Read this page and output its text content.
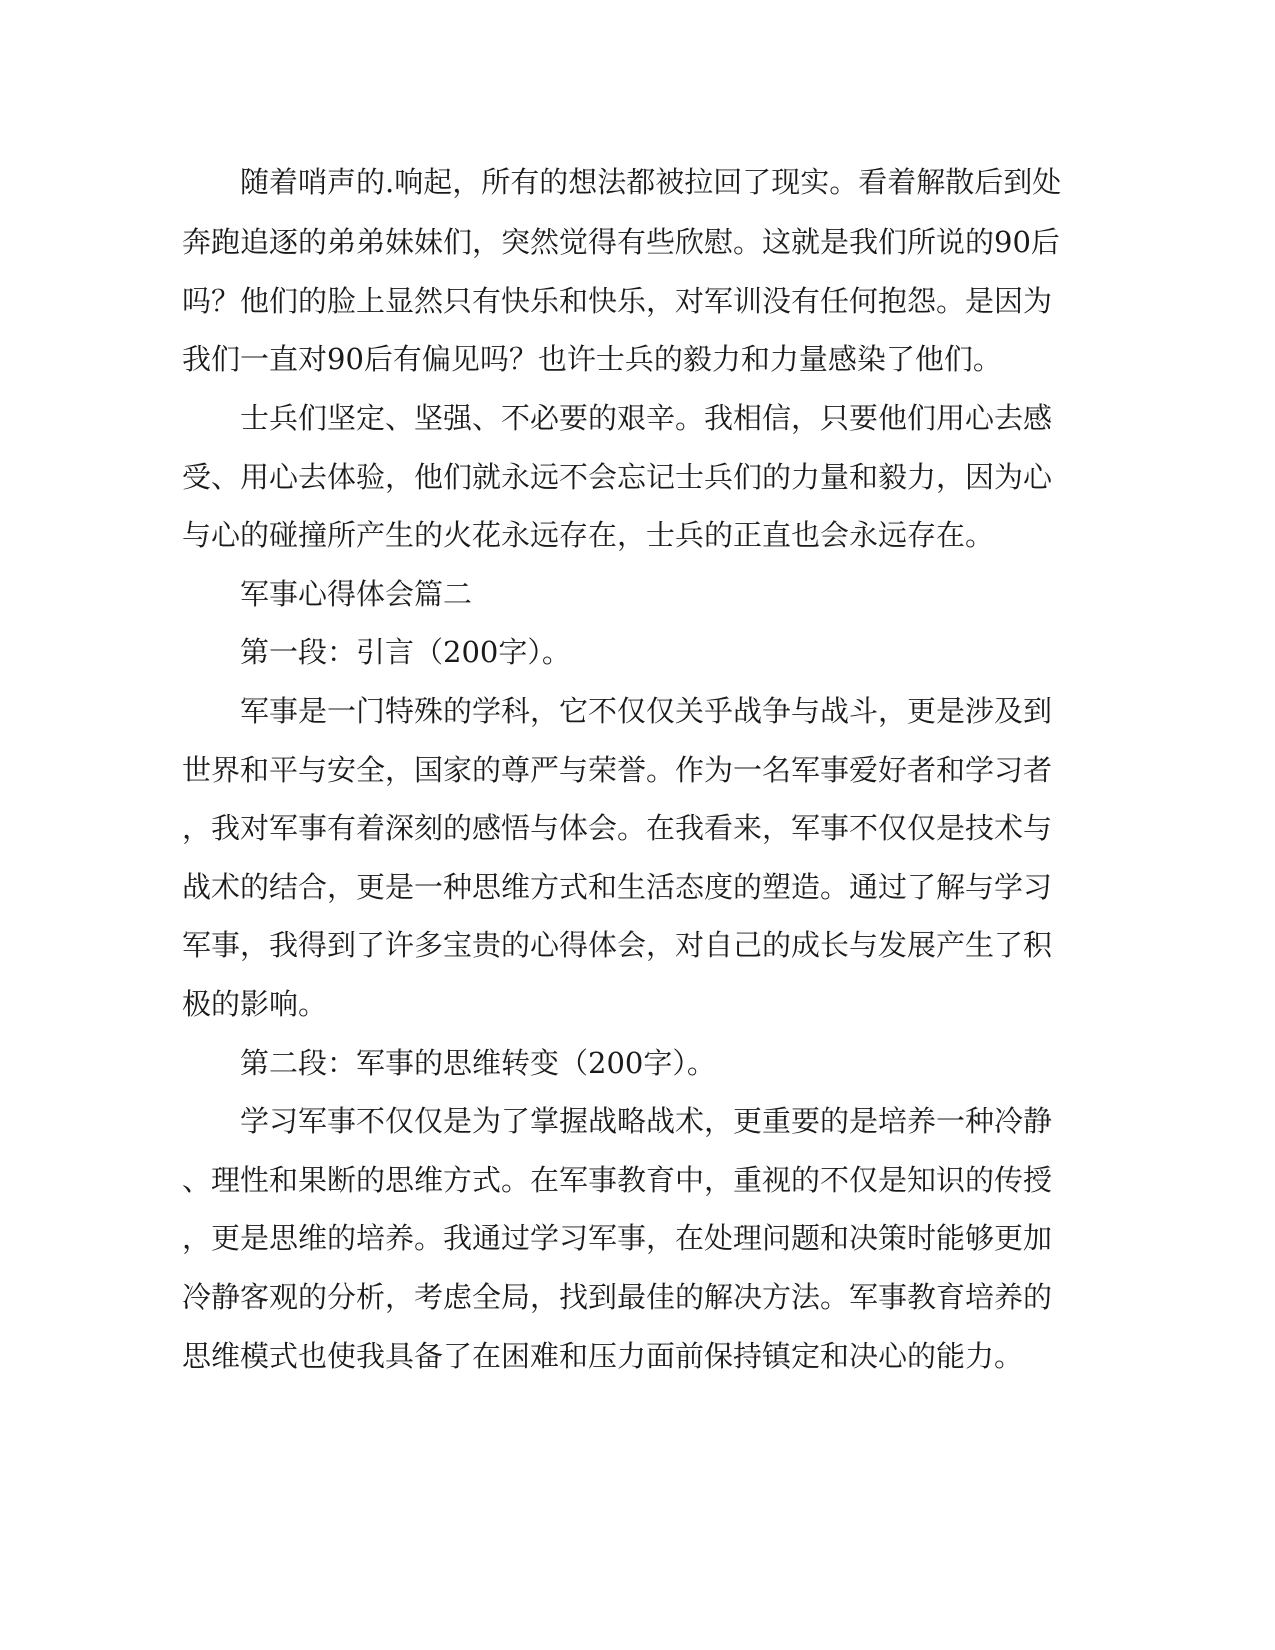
　　随着哨声的.响起，所有的想法都被拉回了现实。看着解散后到处
奔跑追逐的弟弟妹妹们，突然觉得有些欣慰。这就是我们所说的90后
吗？他们的脸上显然只有快乐和快乐，对军训没有任何抱怨。是因为
我们一直对90后有偏见吗？也许士兵的毅力和力量感染了他们。
　　士兵们坚定、坚强、不必要的艰辛。我相信，只要他们用心去感
受、用心去体验，他们就永远不会忘记士兵们的力量和毅力，因为心
与心的碰撞所产生的火花永远存在，士兵的正直也会永远存在。
　　军事心得体会篇二
　　第一段：引言（200字）。
　　军事是一门特殊的学科，它不仅仅关乎战争与战斗，更是涉及到
世界和平与安全，国家的尊严与荣誉。作为一名军事爱好者和学习者
，我对军事有着深刻的感悟与体会。在我看来，军事不仅仅是技术与
战术的结合，更是一种思维方式和生活态度的塑造。通过了解与学习
军事，我得到了许多宝贵的心得体会，对自己的成长与发展产生了积
极的影响。
　　第二段：军事的思维转变（200字）。
　　学习军事不仅仅是为了掌握战略战术，更重要的是培养一种冷静
、理性和果断的思维方式。在军事教育中，重视的不仅是知识的传授
，更是思维的培养。我通过学习军事，在处理问题和决策时能够更加
冷静客观的分析，考虑全局，找到最佳的解决方法。军事教育培养的
思维模式也使我具备了在困难和压力面前保持镇定和决心的能力。
